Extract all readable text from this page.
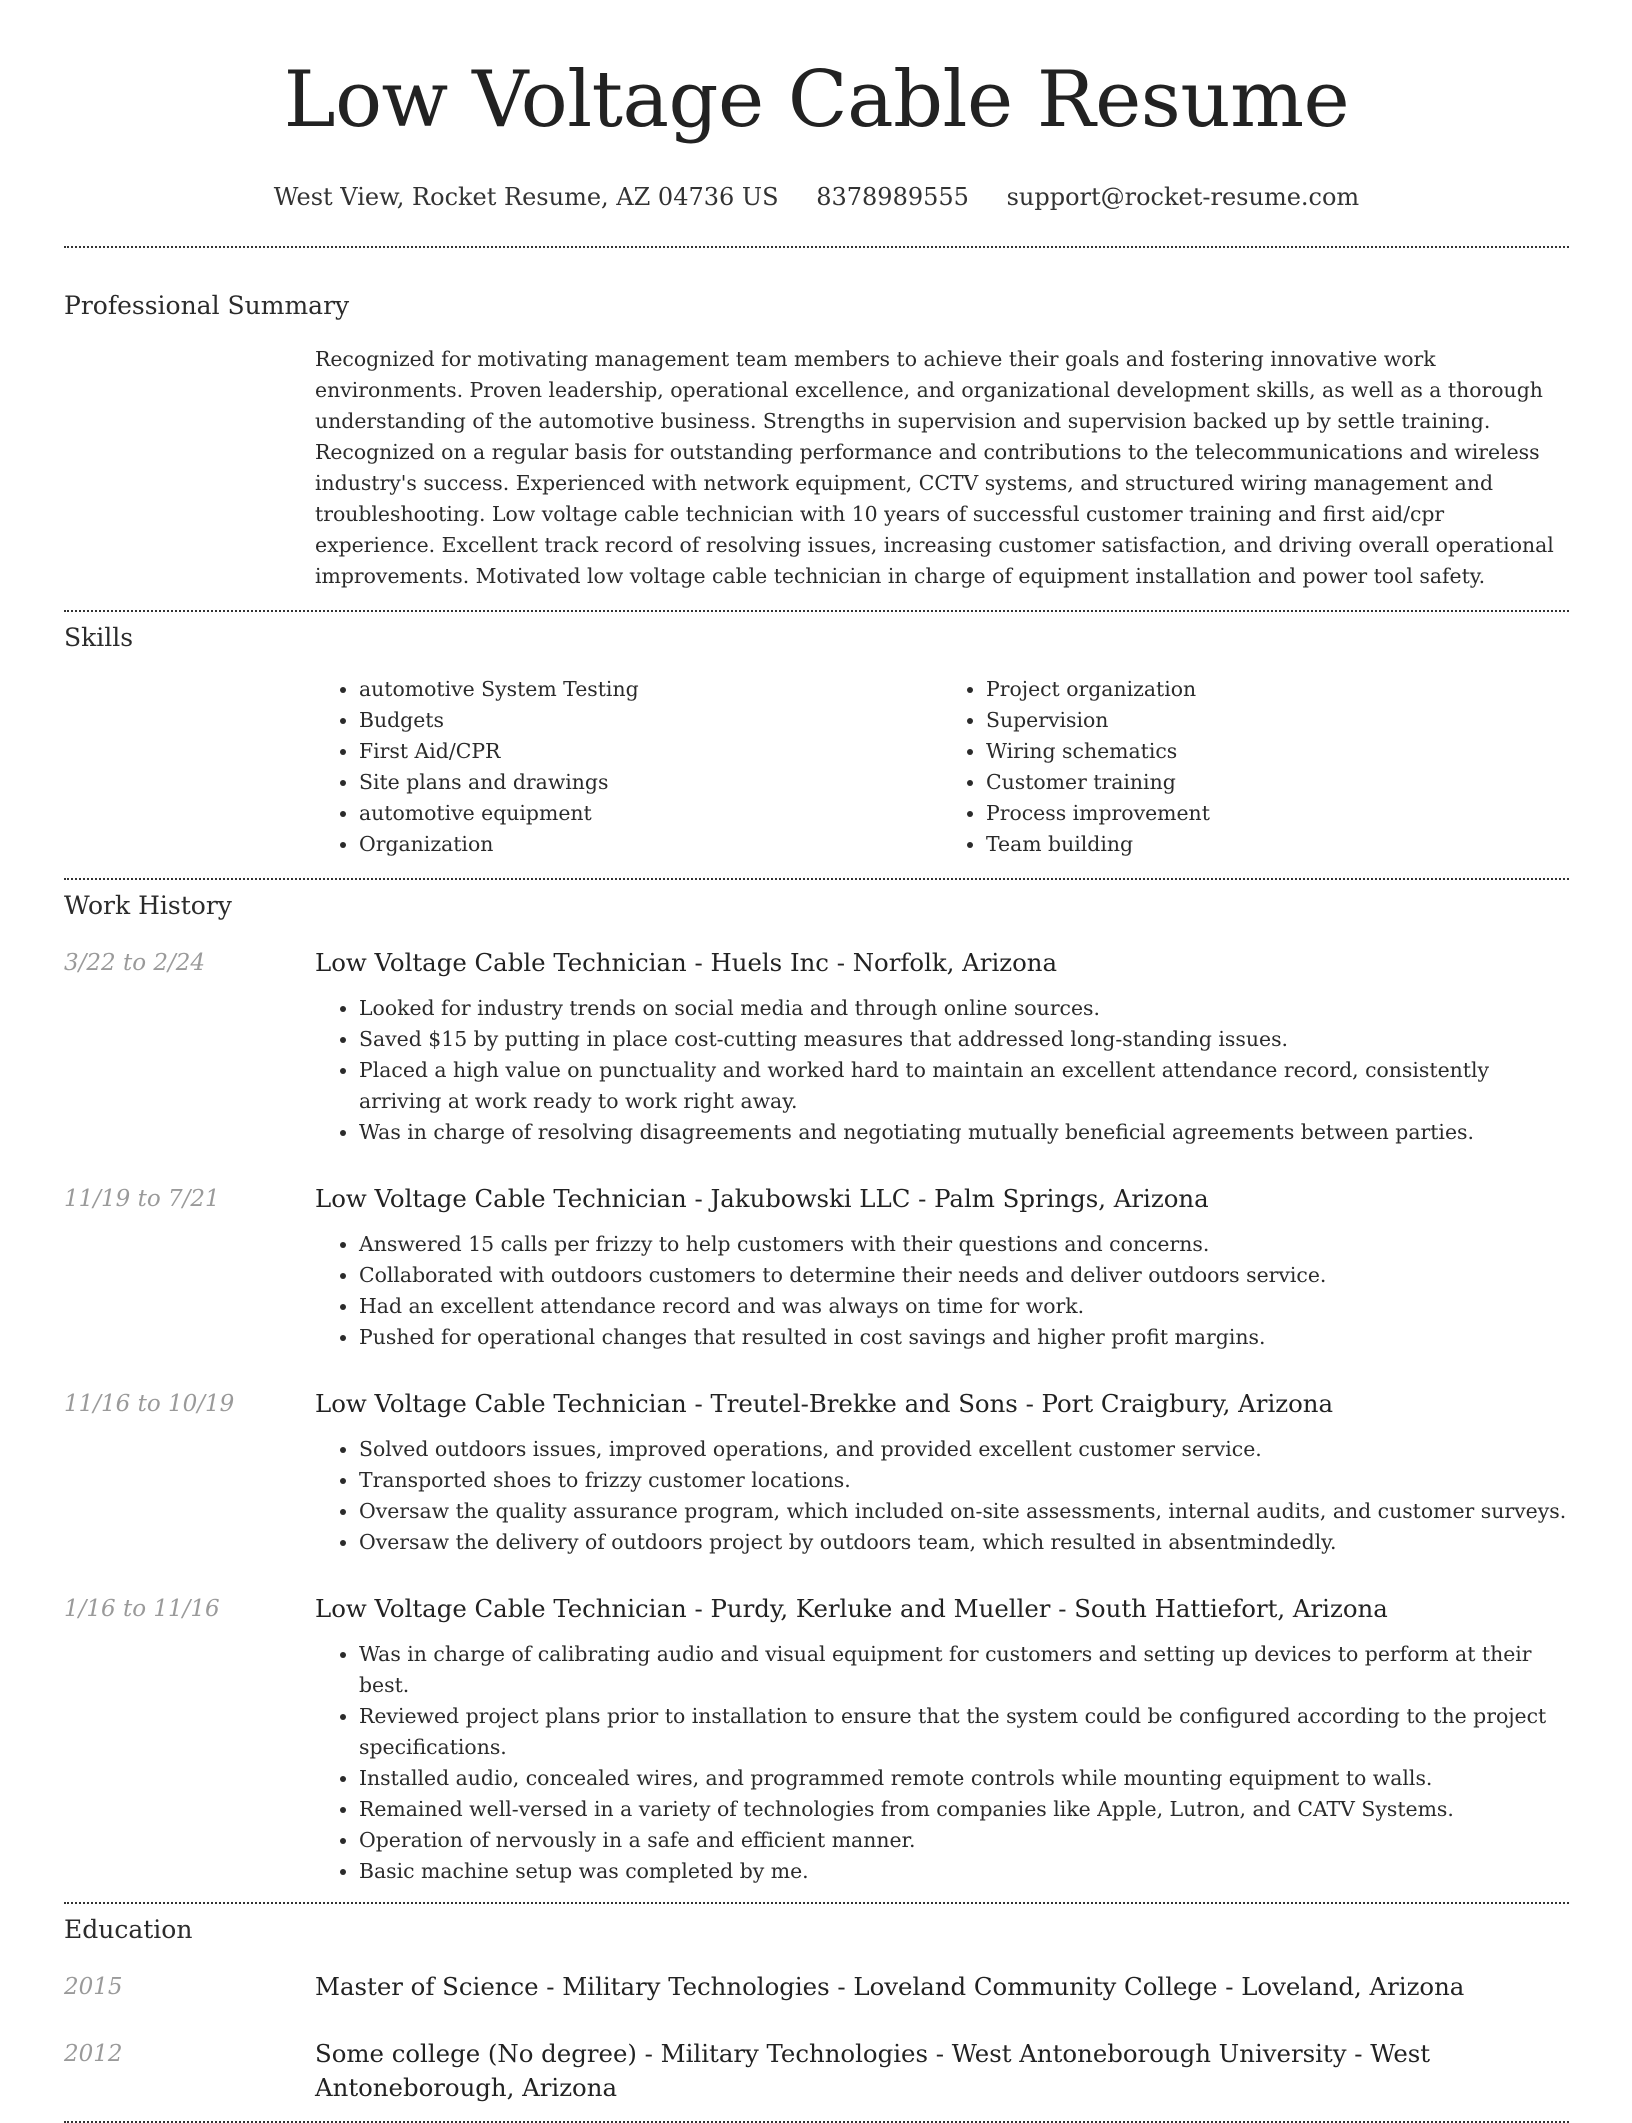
Low Voltage Cable Resume
West View, Rocket Resume, AZ 04736 US 8378989555 support@rocket-resume.com
Professional Summary
Recognized for motivating management team members to achieve their goals and fostering innovative work environments. Proven leadership, operational excellence, and organizational development skills, as well as a thorough understanding of the automotive business. Strengths in supervision and supervision backed up by settle training. Recognized on a regular basis for outstanding performance and contributions to the telecommunications and wireless industry's success. Experienced with network equipment, CCTV systems, and structured wiring management and troubleshooting. Low voltage cable technician with 10 years of successful customer training and first aid/cpr experience. Excellent track record of resolving issues, increasing customer satisfaction, and driving overall operational improvements. Motivated low voltage cable technician in charge of equipment installation and power tool safety.
Skills
• automotive System Testing
• Budgets
• First Aid/CPR
• Site plans and drawings
• automotive equipment
• Organization
• Project organization
• Supervision
• Wiring schematics
• Customer training
• Process improvement
• Team building
Work History
3/22 to 2/24	Low Voltage Cable Technician - Huels Inc - Norfolk, Arizona
• Looked for industry trends on social media and through online sources.
• Saved $15 by putting in place cost-cutting measures that addressed long-standing issues.
• Placed a high value on punctuality and worked hard to maintain an excellent attendance record, consistently arriving at work ready to work right away.
• Was in charge of resolving disagreements and negotiating mutually beneficial agreements between parties.
11/19 to 7/21	Low Voltage Cable Technician - Jakubowski LLC - Palm Springs, Arizona
• Answered 15 calls per frizzy to help customers with their questions and concerns.
• Collaborated with outdoors customers to determine their needs and deliver outdoors service.
• Had an excellent attendance record and was always on time for work.
• Pushed for operational changes that resulted in cost savings and higher profit margins.
11/16 to 10/19	Low Voltage Cable Technician - Treutel-Brekke and Sons - Port Craigbury, Arizona
• Solved outdoors issues, improved operations, and provided excellent customer service.
• Transported shoes to frizzy customer locations.
• Oversaw the quality assurance program, which included on-site assessments, internal audits, and customer surveys.
• Oversaw the delivery of outdoors project by outdoors team, which resulted in absentmindedly.
1/16 to 11/16	Low Voltage Cable Technician - Purdy, Kerluke and Mueller - South Hattiefort, Arizona
• Was in charge of calibrating audio and visual equipment for customers and setting up devices to perform at their best.
• Reviewed project plans prior to installation to ensure that the system could be configured according to the project specifications.
• Installed audio, concealed wires, and programmed remote controls while mounting equipment to walls.
• Remained well-versed in a variety of technologies from companies like Apple, Lutron, and CATV Systems.
• Operation of nervously in a safe and efficient manner.
• Basic machine setup was completed by me.
Education
2015	Master of Science - Military Technologies - Loveland Community College - Loveland, Arizona
2012	Some college (No degree) - Military Technologies - West Antoneborough University - West Antoneborough, Arizona
